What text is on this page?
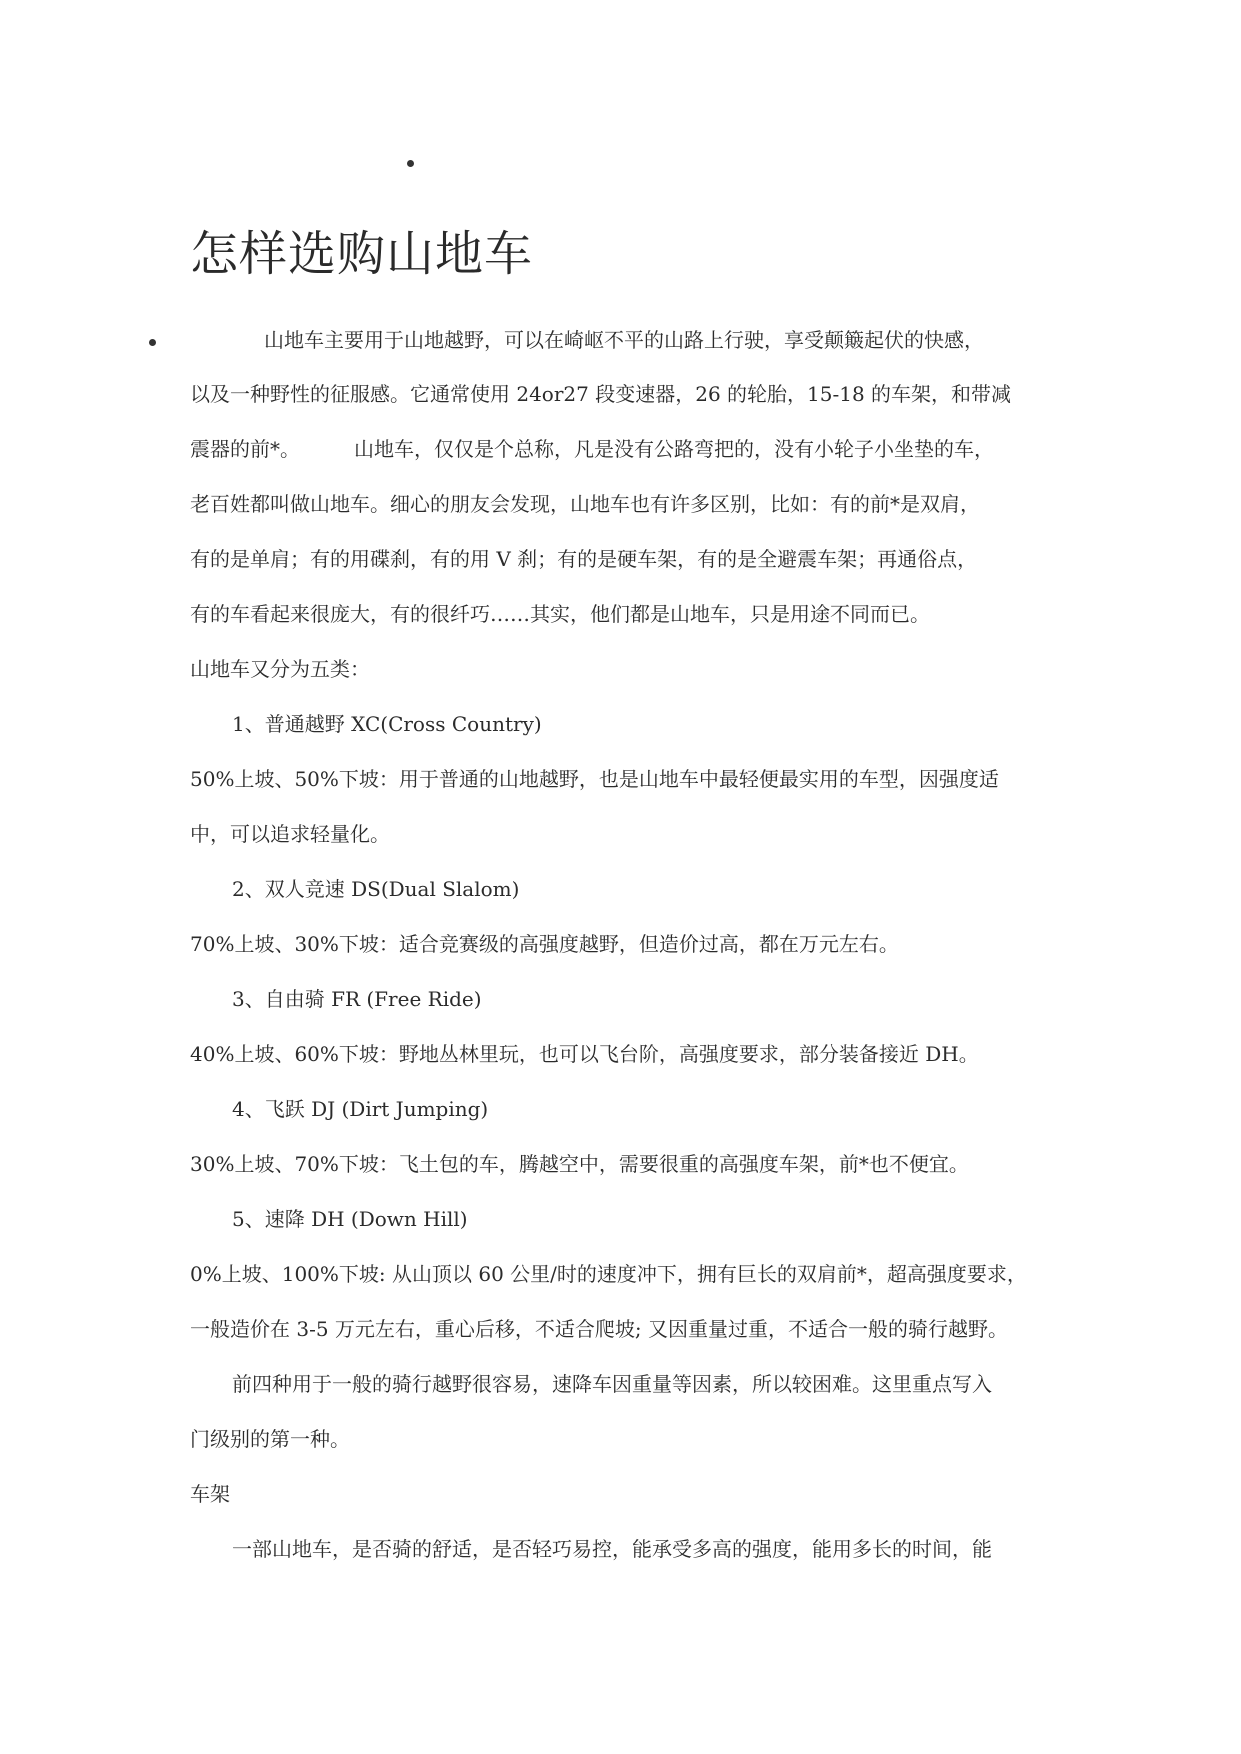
怎样选购山地车
山地车主要用于山地越野，可以在崎岖不平的山路上行驶，享受颠簸起伏的快感，
以及一种野性的征服感。它通常使用 24or27 段变速器，26 的轮胎，15-18 的车架，和带减
震器的前*。	山地车，仅仅是个总称，凡是没有公路弯把的，没有小轮子小坐垫的车，
老百姓都叫做山地车。细心的朋友会发现，山地车也有许多区别，比如：有的前*是双肩，
有的是单肩；有的用碟刹，有的用 V 刹；有的是硬车架，有的是全避震车架；再通俗点，
有的车看起来很庞大，有的很纤巧……其实，他们都是山地车，只是用途不同而已。
山地车又分为五类：
1、普通越野 XC(Cross Country)
50%上坡、50%下坡：用于普通的山地越野，也是山地车中最轻便最实用的车型，因强度适
中，可以追求轻量化。
2、双人竞速 DS(Dual Slalom)
70%上坡、30%下坡：适合竞赛级的高强度越野，但造价过高，都在万元左右。
3、自由骑 FR (Free Ride)
40%上坡、60%下坡：野地丛林里玩，也可以飞台阶，高强度要求，部分装备接近 DH。
4、飞跃 DJ (Dirt Jumping)
30%上坡、70%下坡：飞土包的车，腾越空中，需要很重的高强度车架，前*也不便宜。
5、速降 DH (Down Hill)
0%上坡、100%下坡: 从山顶以 60 公里/时的速度冲下，拥有巨长的双肩前*，超高强度要求，
一般造价在 3-5 万元左右，重心后移，不适合爬坡; 又因重量过重，不适合一般的骑行越野。
前四种用于一般的骑行越野很容易，速降车因重量等因素，所以较困难。这里重点写入
门级别的第一种。
车架
一部山地车，是否骑的舒适，是否轻巧易控，能承受多高的强度，能用多长的时间，能
